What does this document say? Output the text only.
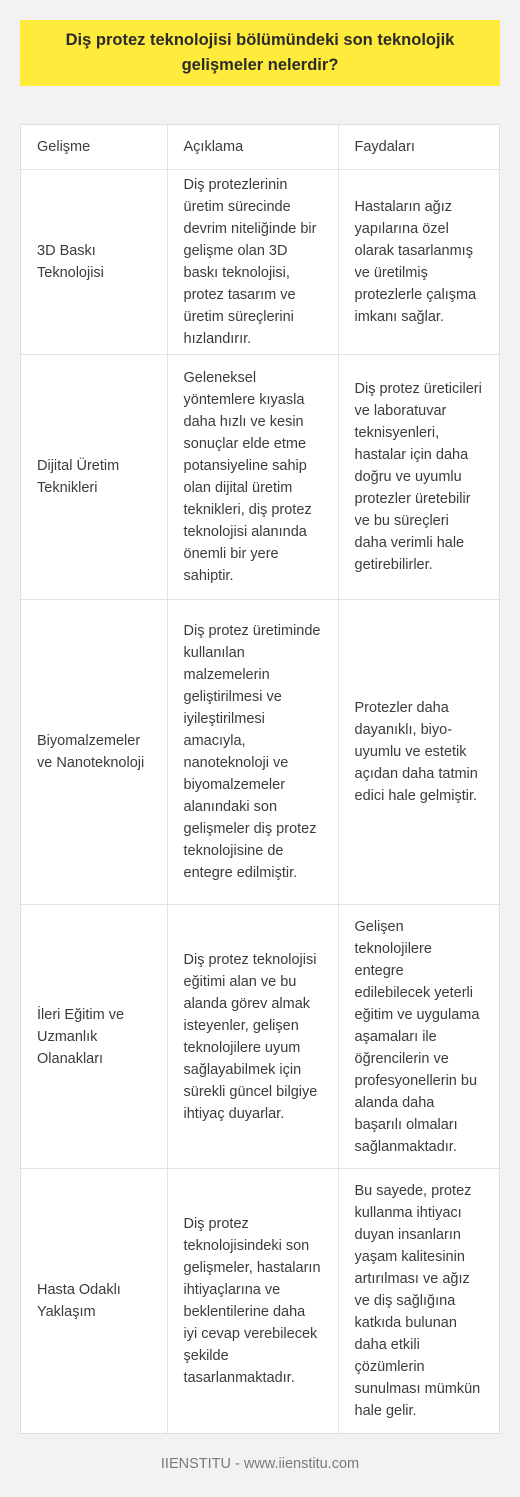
Diş protez teknolojisi bölümündeki son teknolojik gelişmeler nelerdir?
Gelişme	Açıklama	Faydaları
3D Baskı Teknolojisi	Diş protezlerinin üretim sürecinde devrim niteliğinde bir gelişme olan 3D baskı teknolojisi, protez tasarım ve üretim süreçlerini hızlandırır.	Hastaların ağız yapılarına özel olarak tasarlanmış ve üretilmiş protezlerle çalışma imkanı sağlar.
Dijital Üretim Teknikleri	Geleneksel yöntemlere kıyasla daha hızlı ve kesin sonuçlar elde etme potansiyeline sahip olan dijital üretim teknikleri, diş protez teknolojisi alanında önemli bir yere sahiptir.	Diş protez üreticileri ve laboratuvar teknisyenleri, hastalar için daha doğru ve uyumlu protezler üretebilir ve bu süreçleri daha verimli hale getirebilirler.
Biyomalzemeler ve Nanoteknoloji	Diş protez üretiminde kullanılan malzemelerin geliştirilmesi ve iyileştirilmesi amacıyla, nanoteknoloji ve biyomalzemeler alanındaki son gelişmeler diş protez teknolojisine de entegre edilmiştir.	Protezler daha dayanıklı, biyo-uyumlu ve estetik açıdan daha tatmin edici hale gelmiştir.
İleri Eğitim ve Uzmanlık Olanakları	Diş protez teknolojisi eğitimi alan ve bu alanda görev almak isteyenler, gelişen teknolojilere uyum sağlayabilmek için sürekli güncel bilgiye ihtiyaç duyarlar.	Gelişen teknolojilere entegre edilebilecek yeterli eğitim ve uygulama aşamaları ile öğrencilerin ve profesyonellerin bu alanda daha başarılı olmaları sağlanmaktadır.
Hasta Odaklı Yaklaşım	Diş protez teknolojisindeki son gelişmeler, hastaların ihtiyaçlarına ve beklentilerine daha iyi cevap verebilecek şekilde tasarlanmaktadır.	Bu sayede, protez kullanma ihtiyacı duyan insanların yaşam kalitesinin artırılması ve ağız ve diş sağlığına katkıda bulunan daha etkili çözümlerin sunulması mümkün hale gelir.
IIENSTITU - www.iienstitu.com
